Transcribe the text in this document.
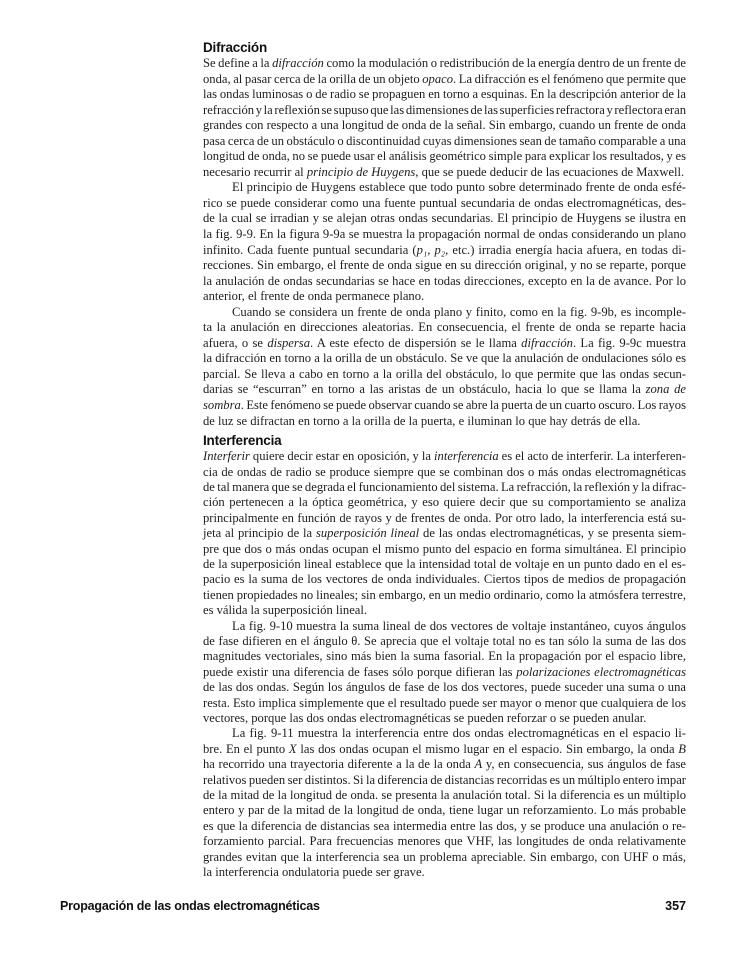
Difracción
Se define a la difracción como la modulación o redistribución de la energía dentro de un frente de
onda, al pasar cerca de la orilla de un objeto opaco. La difracción es el fenómeno que permite que
las ondas luminosas o de radio se propaguen en torno a esquinas. En la descripción anterior de la
refracción y la reflexión se supuso que las dimensiones de las superficies refractora y reflectora eran
grandes con respecto a una longitud de onda de la señal. Sin embargo, cuando un frente de onda
pasa cerca de un obstáculo o discontinuidad cuyas dimensiones sean de tamaño comparable a una
longitud de onda, no se puede usar el análisis geométrico simple para explicar los resultados, y es
necesario recurrir al principio de Huygens, que se puede deducir de las ecuaciones de Maxwell.
El principio de Huygens establece que todo punto sobre determinado frente de onda esfé-
rico se puede considerar como una fuente puntual secundaria de ondas electromagnéticas, des-
de la cual se irradian y se alejan otras ondas secundarias. El principio de Huygens se ilustra en
la fig. 9-9. En la figura 9-9a se muestra la propagación normal de ondas considerando un plano
infinito. Cada fuente puntual secundaria (p₁, p₂, etc.) irradia energía hacia afuera, en todas di-
recciones. Sin embargo, el frente de onda sigue en su dirección original, y no se reparte, porque
la anulación de ondas secundarias se hace en todas direcciones, excepto en la de avance. Por lo
anterior, el frente de onda permanece plano.
Cuando se considera un frente de onda plano y finito, como en la fig. 9-9b, es incomple-
ta la anulación en direcciones aleatorias. En consecuencia, el frente de onda se reparte hacia
afuera, o se dispersa. A este efecto de dispersión se le llama difracción. La fig. 9-9c muestra
la difracción en torno a la orilla de un obstáculo. Se ve que la anulación de ondulaciones sólo es
parcial. Se lleva a cabo en torno a la orilla del obstáculo, lo que permite que las ondas secun-
darias se “escurran” en torno a las aristas de un obstáculo, hacia lo que se llama la zona de
sombra. Este fenómeno se puede observar cuando se abre la puerta de un cuarto oscuro. Los rayos
de luz se difractan en torno a la orilla de la puerta, e iluminan lo que hay detrás de ella.
Interferencia
Interferir quiere decir estar en oposición, y la interferencia es el acto de interferir. La interferen-
cia de ondas de radio se produce siempre que se combinan dos o más ondas electromagnéticas
de tal manera que se degrada el funcionamiento del sistema. La refracción, la reflexión y la difrac-
ción pertenecen a la óptica geométrica, y eso quiere decir que su comportamiento se analiza
principalmente en función de rayos y de frentes de onda. Por otro lado, la interferencia está su-
jeta al principio de la superposición lineal de las ondas electromagnéticas, y se presenta siem-
pre que dos o más ondas ocupan el mismo punto del espacio en forma simultánea. El principio
de la superposición lineal establece que la intensidad total de voltaje en un punto dado en el es-
pacio es la suma de los vectores de onda individuales. Ciertos tipos de medios de propagación
tienen propiedades no lineales; sin embargo, en un medio ordinario, como la atmósfera terrestre,
es válida la superposición lineal.
La fig. 9-10 muestra la suma lineal de dos vectores de voltaje instantáneo, cuyos ángulos
de fase difieren en el ángulo θ. Se aprecia que el voltaje total no es tan sólo la suma de las dos
magnitudes vectoriales, sino más bien la suma fasorial. En la propagación por el espacio libre,
puede existir una diferencia de fases sólo porque difieran las polarizaciones electromagnéticas
de las dos ondas. Según los ángulos de fase de los dos vectores, puede suceder una suma o una
resta. Esto implica simplemente que el resultado puede ser mayor o menor que cualquiera de los
vectores, porque las dos ondas electromagnéticas se pueden reforzar o se pueden anular.
La fig. 9-11 muestra la interferencia entre dos ondas electromagnéticas en el espacio li-
bre. En el punto X las dos ondas ocupan el mismo lugar en el espacio. Sin embargo, la onda B
ha recorrido una trayectoria diferente a la de la onda A y, en consecuencia, sus ángulos de fase
relativos pueden ser distintos. Si la diferencia de distancias recorridas es un múltiplo entero impar
de la mitad de la longitud de onda. se presenta la anulación total. Si la diferencia es un múltiplo
entero y par de la mitad de la longitud de onda, tiene lugar un reforzamiento. Lo más probable
es que la diferencia de distancias sea intermedia entre las dos, y se produce una anulación o re-
forzamiento parcial. Para frecuencias menores que VHF, las longitudes de onda relativamente
grandes evitan que la interferencia sea un problema apreciable. Sin embargo, con UHF o más,
la interferencia ondulatoria puede ser grave.
Propagación de las ondas electromagnéticas	357
